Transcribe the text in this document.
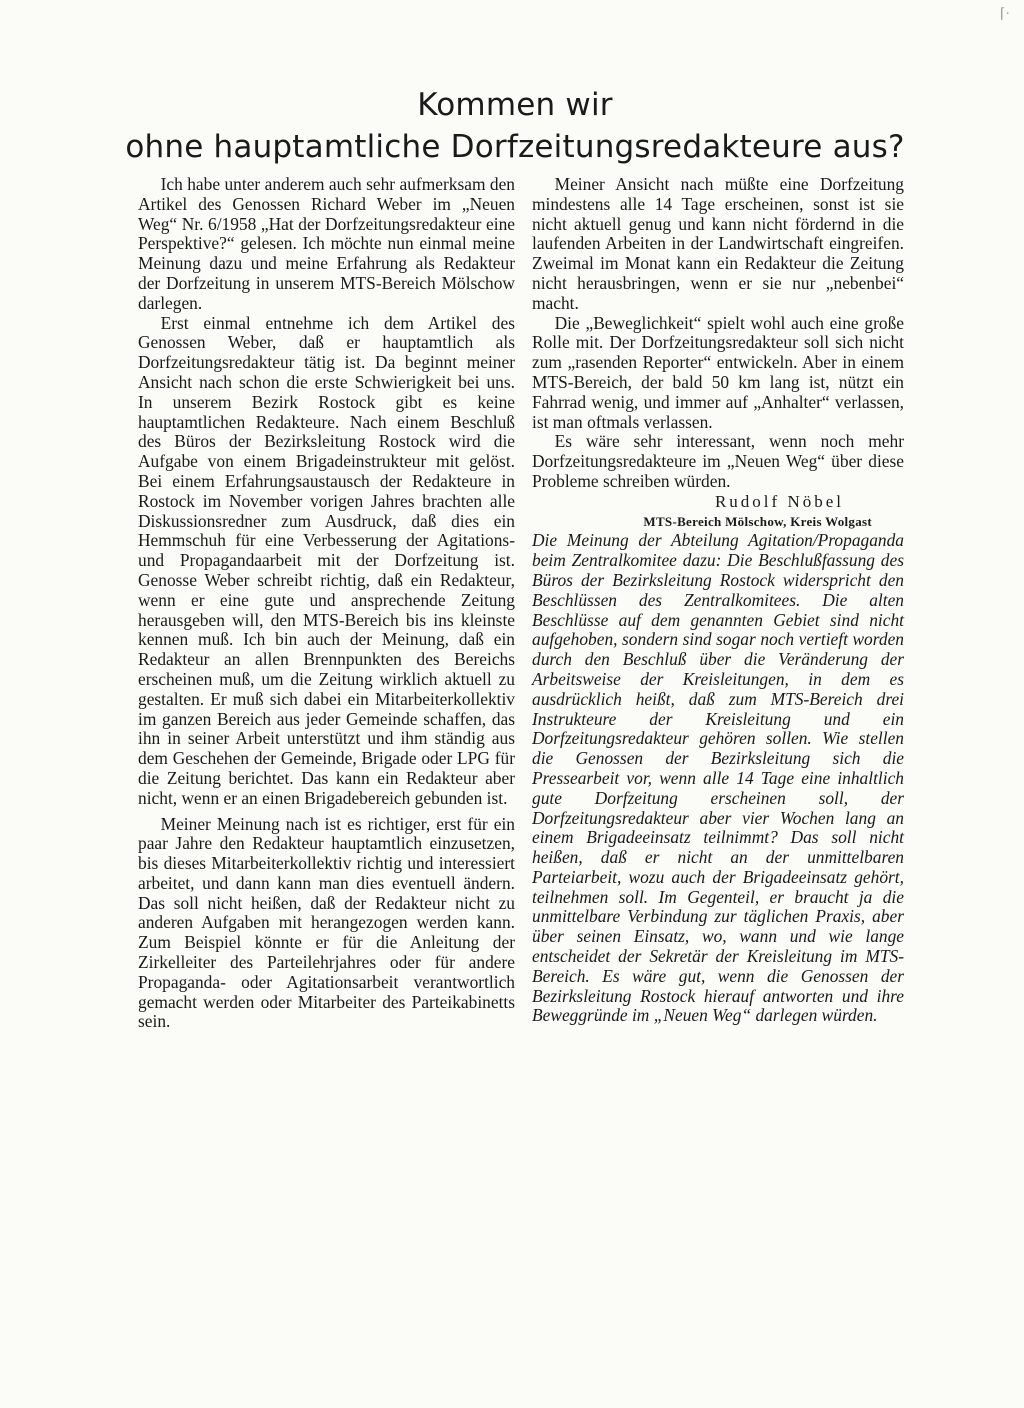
⌈·
Kommen wir
ohne hauptamtliche Dorfzeitungsredakteure aus?

Ich habe unter anderem auch sehr aufmerksam den Artikel des Genossen Richard Weber im „Neuen Weg“ Nr. 6/1958 „Hat der Dorfzeitungsredakteur eine Perspektive?“ gelesen. Ich möchte nun einmal meine Meinung dazu und meine Erfahrung als Redakteur der Dorfzeitung in unserem MTS-Bereich Mölschow darlegen.

Erst einmal entnehme ich dem Artikel des Genossen Weber, daß er hauptamtlich als Dorfzeitungsredakteur tätig ist. Da beginnt meiner Ansicht nach schon die erste Schwierigkeit bei uns. In unserem Bezirk Rostock gibt es keine hauptamtlichen Redakteure. Nach einem Beschluß des Büros der Bezirksleitung Rostock wird die Aufgabe von einem Brigadeinstrukteur mit gelöst. Bei einem Erfahrungsaustausch der Redakteure in Rostock im November vorigen Jahres brachten alle Diskussionsredner zum Ausdruck, daß dies ein Hemmschuh für eine Verbesserung der Agitations- und Propagandaarbeit mit der Dorfzeitung ist. Genosse Weber schreibt richtig, daß ein Redakteur, wenn er eine gute und ansprechende Zeitung herausgeben will, den MTS-Bereich bis ins kleinste kennen muß. Ich bin auch der Meinung, daß ein Redakteur an allen Brennpunkten des Bereichs erscheinen muß, um die Zeitung wirklich aktuell zu gestalten. Er muß sich dabei ein Mitarbeiterkollektiv im ganzen Bereich aus jeder Gemeinde schaffen, das ihn in seiner Arbeit unterstützt und ihm ständig aus dem Geschehen der Gemeinde, Brigade oder LPG für die Zeitung berichtet. Das kann ein Redakteur aber nicht, wenn er an einen Brigadebereich gebunden ist.

Meiner Meinung nach ist es richtiger, erst für ein paar Jahre den Redakteur hauptamtlich einzusetzen, bis dieses Mitarbeiterkollektiv richtig und interessiert arbeitet, und dann kann man dies eventuell ändern. Das soll nicht heißen, daß der Redakteur nicht zu anderen Aufgaben mit herangezogen werden kann. Zum Beispiel könnte er für die Anleitung der Zirkelleiter des Parteilehrjahres oder für andere Propaganda- oder Agitationsarbeit verantwortlich gemacht werden oder Mitarbeiter des Parteikabinetts sein.

Meiner Ansicht nach müßte eine Dorfzeitung mindestens alle 14 Tage erscheinen, sonst ist sie nicht aktuell genug und kann nicht fördernd in die laufenden Arbeiten in der Landwirtschaft eingreifen. Zweimal im Monat kann ein Redakteur die Zeitung nicht herausbringen, wenn er sie nur „nebenbei“ macht.

Die „Beweglichkeit“ spielt wohl auch eine große Rolle mit. Der Dorfzeitungsredakteur soll sich nicht zum „rasenden Reporter“ entwickeln. Aber in einem MTS-Bereich, der bald 50 km lang ist, nützt ein Fahrrad wenig, und immer auf „Anhalter“ verlassen, ist man oftmals verlassen.

Es wäre sehr interessant, wenn noch mehr Dorfzeitungsredakteure im „Neuen Weg“ über diese Probleme schreiben würden.

Rudolf Nöbel

MTS-Bereich Mölschow, Kreis Wolgast

Die Meinung der Abteilung Agitation/Propaganda beim Zentralkomitee dazu: Die Beschlußfassung des Büros der Bezirksleitung Rostock widerspricht den Beschlüssen des Zentralkomitees. Die alten Beschlüsse auf dem genannten Gebiet sind nicht aufgehoben, sondern sind sogar noch vertieft worden durch den Beschluß über die Veränderung der Arbeitsweise der Kreisleitungen, in dem es ausdrücklich heißt, daß zum MTS-Bereich drei Instrukteure der Kreisleitung und ein Dorfzeitungsredakteur gehören sollen. Wie stellen die Genossen der Bezirksleitung sich die Pressearbeit vor, wenn alle 14 Tage eine inhaltlich gute Dorfzeitung erscheinen soll, der Dorfzeitungsredakteur aber vier Wochen lang an einem Brigadeeinsatz teilnimmt? Das soll nicht heißen, daß er nicht an der unmittelbaren Parteiarbeit, wozu auch der Brigadeeinsatz gehört, teilnehmen soll. Im Gegenteil, er braucht ja die unmittelbare Verbindung zur täglichen Praxis, aber über seinen Einsatz, wo, wann und wie lange entscheidet der Sekretär der Kreisleitung im MTS-Bereich. Es wäre gut, wenn die Genossen der Bezirksleitung Rostock hierauf antworten und ihre Beweggründe im „Neuen Weg“ darlegen würden.
